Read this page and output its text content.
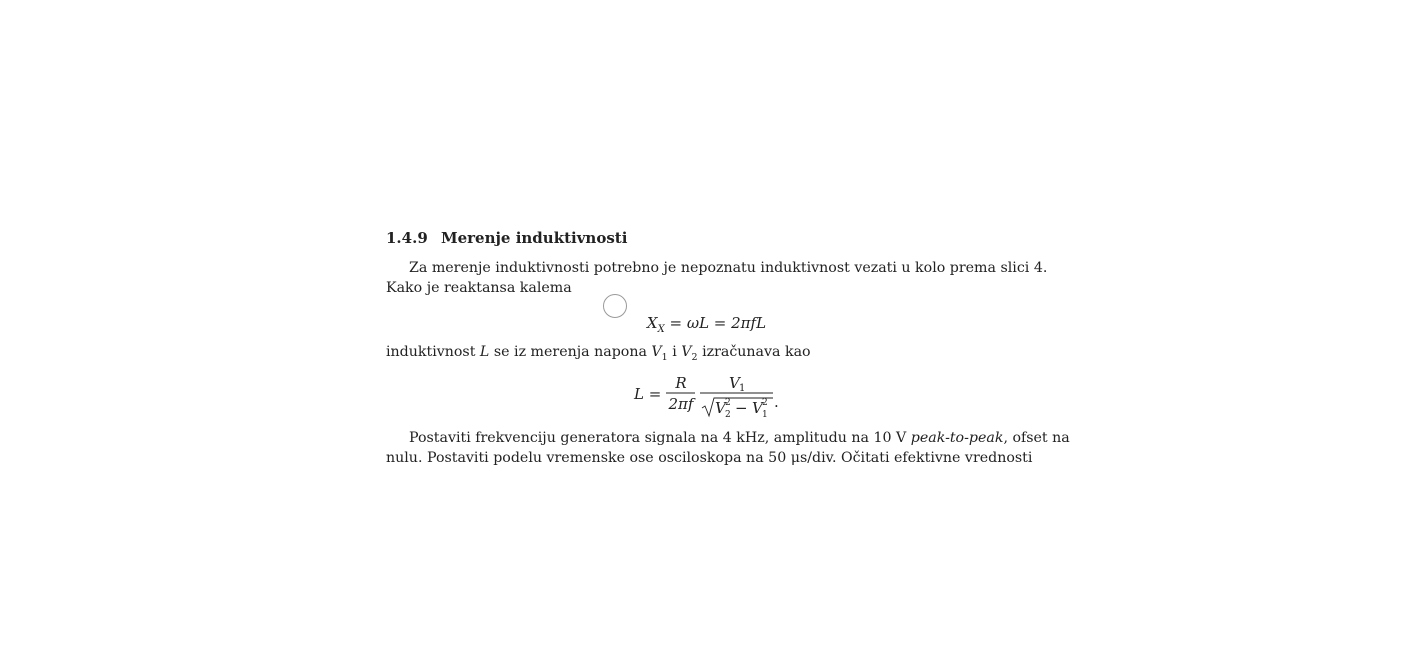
1.4.9 Merenje induktivnosti
Za merenje induktivnosti potrebno je nepoznatu induktivnost vezati u kolo prema slici 4.
Kako je reaktansa kalema
$X_X = \omega L = 2\pi fL$
induktivnost L se iz merenja napona $V_1$ i $V_2$ izračunava kao
L =
R
2πf
V 1
V 2
2 − V 2
1
.
Postaviti frekvenciju generatora signala na 4 kHz, amplitudu na 10 V peak-to-peak, ofset na
nulu. Postaviti podelu vremenske ose osciloskopa na 50 μs/div. Očitati efektivne vrednosti
